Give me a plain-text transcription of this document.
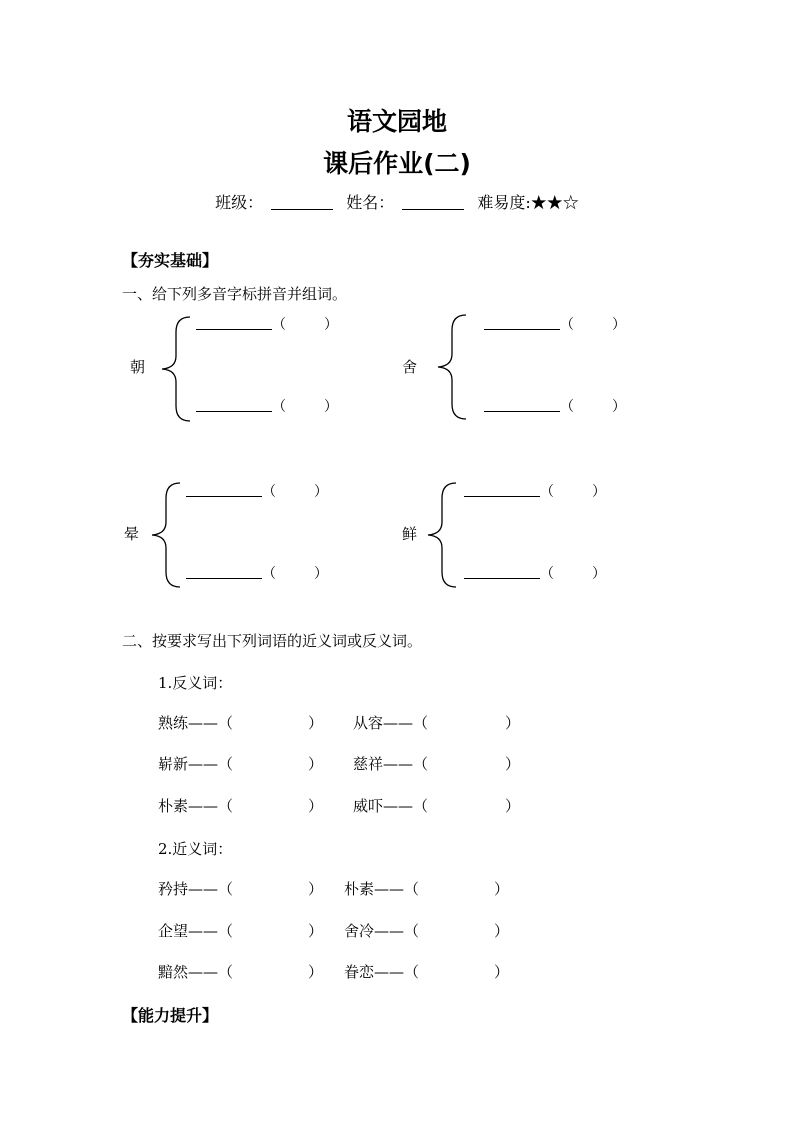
语文园地
课后作业(二)
班级：	姓名：	难易度:★★☆
【夯实基础】
一、给下列多音字标拼音并组词。
朝
（	）
（	）
舍
（	）
（	）
晕
（	）
（	）
鲜
（	）
（	）
二、按要求写出下列词语的近义词或反义词。
1.反义词：
熟练——（	） 从容——（	）
崭新——（	） 慈祥——（	）
朴素——（	） 威吓——（	）
2.近义词：
矜持——（	） 朴素——（	）
企望——（	） 舍冷——（	）
黯然——（	） 眷恋——（	）
【能力提升】
